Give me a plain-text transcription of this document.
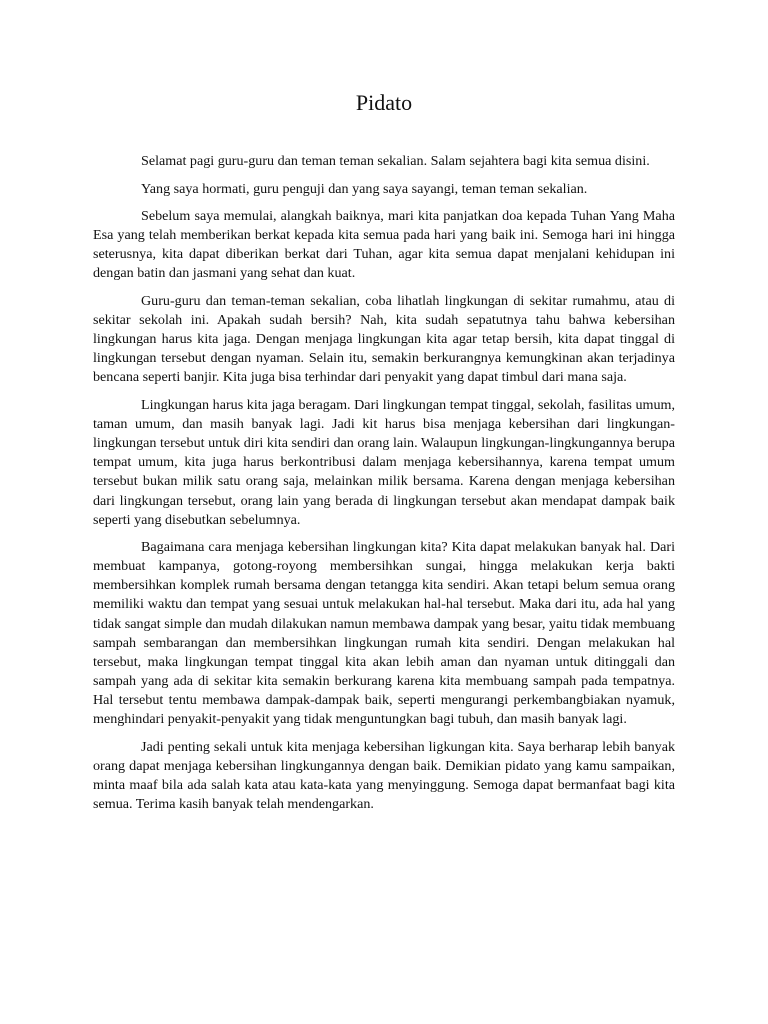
Pidato

Selamat pagi guru-guru dan teman teman sekalian. Salam sejahtera bagi kita semua disini.

Yang saya hormati, guru penguji dan yang saya sayangi, teman teman sekalian.

Sebelum saya memulai, alangkah baiknya, mari kita panjatkan doa kepada Tuhan Yang Maha Esa yang telah memberikan berkat kepada kita semua pada hari yang baik ini. Semoga hari ini hingga seterusnya, kita dapat diberikan berkat dari Tuhan, agar kita semua dapat menjalani kehidupan ini dengan batin dan jasmani yang sehat dan kuat.

Guru-guru dan teman-teman sekalian, coba lihatlah lingkungan di sekitar rumahmu, atau di sekitar sekolah ini. Apakah sudah bersih? Nah, kita sudah sepatutnya tahu bahwa kebersihan lingkungan harus kita jaga. Dengan menjaga lingkungan kita agar tetap bersih, kita dapat tinggal di lingkungan tersebut dengan nyaman. Selain itu, semakin berkurangnya kemungkinan akan terjadinya bencana seperti banjir. Kita juga bisa terhindar dari penyakit yang dapat timbul dari mana saja.

Lingkungan harus kita jaga beragam. Dari lingkungan tempat tinggal, sekolah, fasilitas umum, taman umum, dan masih banyak lagi. Jadi kit harus bisa menjaga kebersihan dari lingkungan-lingkungan tersebut untuk diri kita sendiri dan orang lain. Walaupun lingkungan-lingkungannya berupa tempat umum, kita juga harus berkontribusi dalam menjaga kebersihannya, karena tempat umum tersebut bukan milik satu orang saja, melainkan milik bersama. Karena dengan menjaga kebersihan dari lingkungan tersebut, orang lain yang berada di lingkungan tersebut akan mendapat dampak baik seperti yang disebutkan sebelumnya.

Bagaimana cara menjaga kebersihan lingkungan kita? Kita dapat melakukan banyak hal. Dari membuat kampanya, gotong-royong membersihkan sungai, hingga melakukan kerja bakti membersihkan komplek rumah bersama dengan tetangga kita sendiri. Akan tetapi belum semua orang memiliki waktu dan tempat yang sesuai untuk melakukan hal-hal tersebut. Maka dari itu, ada hal yang tidak sangat simple dan mudah dilakukan namun membawa dampak yang besar, yaitu tidak membuang sampah sembarangan dan membersihkan lingkungan rumah kita sendiri. Dengan melakukan hal tersebut, maka lingkungan tempat tinggal kita akan lebih aman dan nyaman untuk ditinggali dan sampah yang ada di sekitar kita semakin berkurang karena kita membuang sampah pada tempatnya. Hal tersebut tentu membawa dampak-dampak baik, seperti mengurangi perkembangbiakan nyamuk, menghindari penyakit-penyakit yang tidak menguntungkan bagi tubuh, dan masih banyak lagi.

Jadi penting sekali untuk kita menjaga kebersihan ligkungan kita. Saya berharap lebih banyak orang dapat menjaga kebersihan lingkungannya dengan baik. Demikian pidato yang kamu sampaikan, minta maaf bila ada salah kata atau kata-kata yang menyinggung. Semoga dapat bermanfaat bagi kita semua. Terima kasih banyak telah mendengarkan.
